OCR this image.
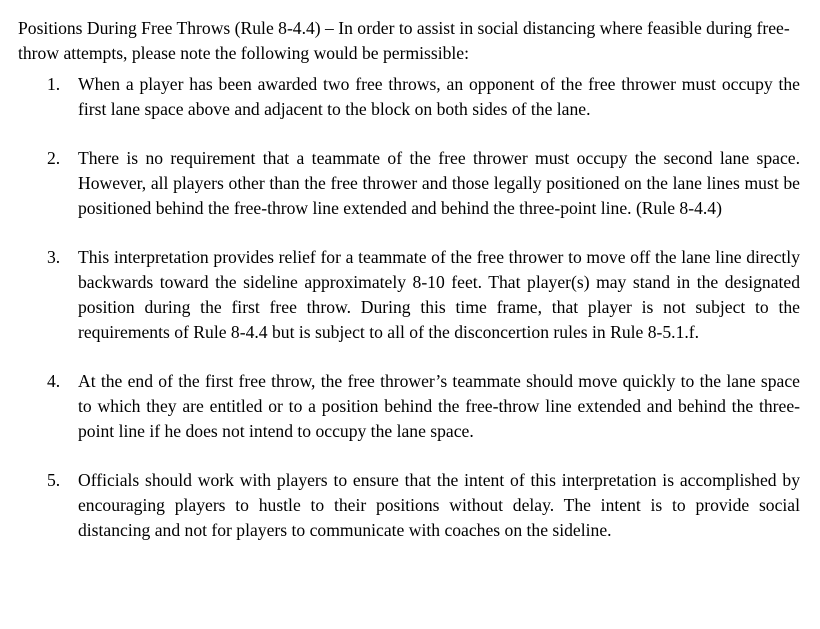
Positions During Free Throws (Rule 8-4.4) – In order to assist in social distancing where feasible during free-throw attempts, please note the following would be permissible:

1. When a player has been awarded two free throws, an opponent of the free thrower must occupy the first lane space above and adjacent to the block on both sides of the lane.
2. There is no requirement that a teammate of the free thrower must occupy the second lane space. However, all players other than the free thrower and those legally positioned on the lane lines must be positioned behind the free-throw line extended and behind the three-point line. (Rule 8-4.4)
3. This interpretation provides relief for a teammate of the free thrower to move off the lane line directly backwards toward the sideline approximately 8-10 feet. That player(s) may stand in the designated position during the first free throw. During this time frame, that player is not subject to the requirements of Rule 8-4.4 but is subject to all of the disconcertion rules in Rule 8-5.1.f.
4. At the end of the first free throw, the free thrower’s teammate should move quickly to the lane space to which they are entitled or to a position behind the free-throw line extended and behind the three-point line if he does not intend to occupy the lane space.
5. Officials should work with players to ensure that the intent of this interpretation is accomplished by encouraging players to hustle to their positions without delay. The intent is to provide social distancing and not for players to communicate with coaches on the sideline.
